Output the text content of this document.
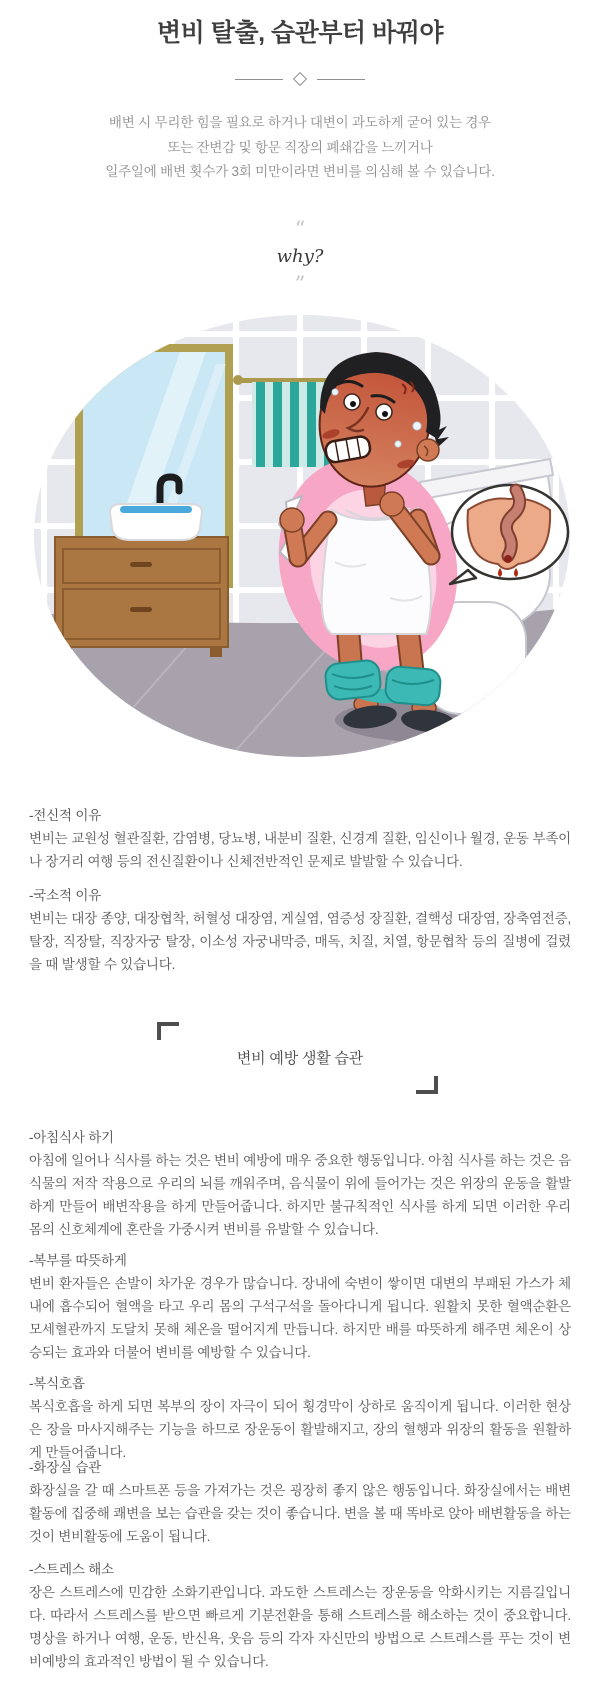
변비 탈출, 습관부터 바꿔야
배변 시 무리한 힘을 필요로 하거나 대변이 과도하게 굳어 있는 경우
또는 잔변감 및 항문 직장의 폐쇄감을 느끼거나
일주일에 배변 횟수가 3회 미만이라면 변비를 의심해 볼 수 있습니다.
“
why?
”
-전신적 이유
변비는 교원성 혈관질환, 감염병, 당뇨병, 내분비 질환, 신경계 질환, 임신이나 월경, 운동 부족이나 장거리 여행 등의 전신질환이나 신체전반적인 문제로 발발할 수 있습니다.
-국소적 이유
변비는 대장 종양, 대장협착, 허혈성 대장염, 게실염, 염증성 장질환, 결핵성 대장염, 장축염전증, 탈장, 직장탈, 직장자궁 탈장, 이소성 자궁내막증, 매독, 치질, 치열, 항문협착 등의 질병에 걸렸을 때 발생할 수 있습니다.
변비 예방 생활 습관
-아침식사 하기
아침에 일어나 식사를 하는 것은 변비 예방에 매우 중요한 행동입니다. 아침 식사를 하는 것은 음식물의 저작 작용으로 우리의 뇌를 깨워주며, 음식물이 위에 들어가는 것은 위장의 운동을 활발하게 만들어 배변작용을 하게 만들어줍니다. 하지만 불규칙적인 식사를 하게 되면 이러한 우리 몸의 신호체계에 혼란을 가중시켜 변비를 유발할 수 있습니다.
-복부를 따뜻하게
변비 환자들은 손발이 차가운 경우가 많습니다. 장내에 숙변이 쌓이면 대변의 부패된 가스가 체내에 흡수되어 혈액을 타고 우리 몸의 구석구석을 돌아다니게 됩니다. 원활치 못한 혈액순환은 모세혈관까지 도달치 못해 체온을 떨어지게 만듭니다. 하지만 배를 따뜻하게 해주면 체온이 상승되는 효과와 더불어 변비를 예방할 수 있습니다.
-복식호흡
복식호흡을 하게 되면 복부의 장이 자극이 되어 횡경막이 상하로 움직이게 됩니다. 이러한 현상은 장을 마사지해주는 기능을 하므로 장운동이 활발해지고, 장의 혈행과 위장의 활동을 원활하게 만들어줍니다.
-화장실 습관
화장실을 갈 때 스마트폰 등을 가져가는 것은 굉장히 좋지 않은 행동입니다. 화장실에서는 배변활동에 집중해 쾌변을 보는 습관을 갖는 것이 좋습니다. 변을 볼 때 똑바로 앉아 배변활동을 하는 것이 변비활동에 도움이 됩니다.
-스트레스 해소
장은 스트레스에 민감한 소화기관입니다. 과도한 스트레스는 장운동을 악화시키는 지름길입니다. 따라서 스트레스를 받으면 빠르게 기분전환을 통해 스트레스를 해소하는 것이 중요합니다. 명상을 하거나 여행, 운동, 반신욕, 웃음 등의 각자 자신만의 방법으로 스트레스를 푸는 것이 변비예방의 효과적인 방법이 될 수 있습니다.
